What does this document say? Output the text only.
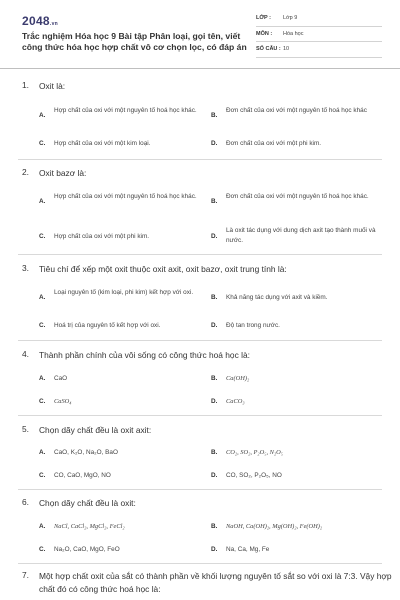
2048.vn
Trắc nghiệm Hóa học 9 Bài tập Phân loại, gọi tên, viết công thức hóa học hợp chất vô cơ chọn lọc, có đáp án
LỚP :	Lớp 9
MÔN :	Hóa học
SỐ CÂU : 10
1. Oxit là:
A.
Hợp chất của oxi với một nguyên tố hoá học khác.
B.
Đơn chất của oxi với một nguyên tố hoá học khác
C. Hợp chất của oxi với một kim loại.	D. Đơn chất của oxi với một phi kim.
2. Oxit bazơ là:
A.
Hợp chất của oxi với một nguyên tố hoá học khác.
B.
Đơn chất của oxi với một nguyên tố hoá học khác.
C. Hợp chất của oxi với một phi kim.	D.
Là oxit tác dụng với dung dịch axit tạo thành muối và nước.
3. Tiêu chí để xếp một oxit thuộc oxit axit, oxit bazơ, oxit trung tính là:
A.
Loại nguyên tố (kim loại, phi kim) kết hợp với oxi.
B. Khả năng tác dụng với axit và kiềm.
C. Hoá trị của nguyên tố kết hợp với oxi.	D. Độ tan trong nước.
4. Thành phần chính của vôi sống có công thức hoá học là:
A. CaO	B. Ca(OH)₂
C. CaSO₄	D. CaCO₃
5. Chọn dãy chất đều là oxit axit:
A. CaO, K₂O, Na₂O, BaO	B. CO₂, SO₂, P₂O₅, N₂O₅
C. CO, CaO, MgO, NO	D. CO, SO₂, P₂O₅, NO
6. Chọn dãy chất đều là oxit:
A. NaCl, CaCl₂, MgCl₂, FeCl₂	B. NaOH, Ca(OH)₂, Mg(OH)₂, Fe(OH)₂
C. Na₂O, CaO, MgO, FeO	D. Na, Ca, Mg, Fe
7. Một hợp chất oxit của sắt có thành phần về khối lượng nguyên tố sắt so với oxi là 7:3. Vậy hợp chất đó có công thức hoá học là:
